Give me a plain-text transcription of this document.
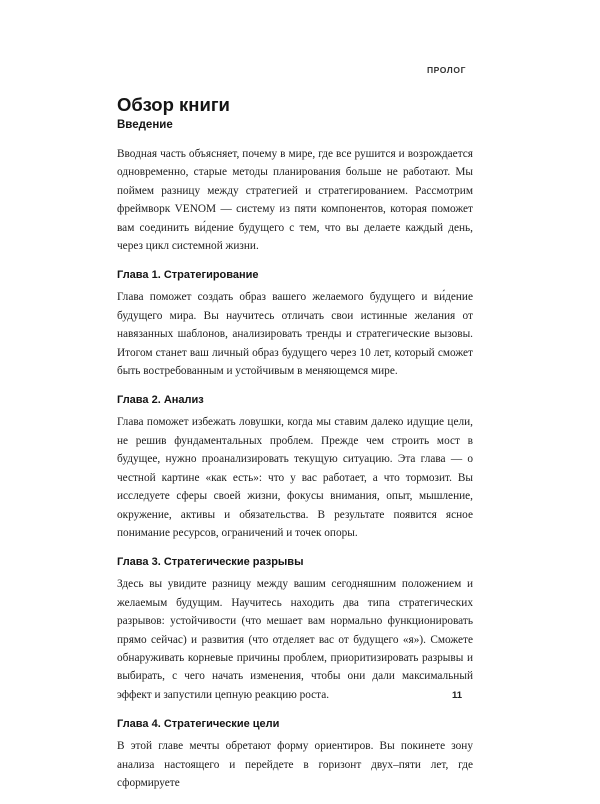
ПРОЛОГ
Обзор книги
Введение

Вводная часть объясняет, почему в мире, где все рушится и возрождается одновременно, старые методы планирования больше не работают. Мы поймем разницу между стратегией и стратегированием. Рассмотрим фреймворк VENOM — систему из пяти компонентов, которая поможет вам соединить ви́дение будущего с тем, что вы делаете каждый день, через цикл системной жизни.

Глава 1. Стратегирование

Глава поможет создать образ вашего желаемого будущего и ви́дение будущего мира. Вы научитесь отличать свои истинные желания от навязанных шаблонов, анализировать тренды и стратегические вызовы. Итогом станет ваш личный образ будущего через 10 лет, который сможет быть востребованным и устойчивым в меняющемся мире.

Глава 2. Анализ

Глава поможет избежать ловушки, когда мы ставим далеко идущие цели, не решив фундаментальных проблем. Прежде чем строить мост в будущее, нужно проанализировать текущую ситуацию. Эта глава — о честной картине «как есть»: что у вас работает, а что тормозит. Вы исследуете сферы своей жизни, фокусы внимания, опыт, мышление, окружение, активы и обязательства. В результате появится ясное понимание ресурсов, ограничений и точек опоры.

Глава 3. Стратегические разрывы

Здесь вы увидите разницу между вашим сегодняшним положением и желаемым будущим. Научитесь находить два типа стратегических разрывов: устойчивости (что мешает вам нормально функционировать прямо сейчас) и развития (что отделяет вас от будущего «я»). Сможете обнаруживать корневые причины проблем, приоритизировать разрывы и выбирать, с чего начать изменения, чтобы они дали максимальный эффект и запустили цепную реакцию роста.

Глава 4. Стратегические цели

В этой главе мечты обретают форму ориентиров. Вы покинете зону анализа настоящего и перейдете в горизонт двух–пяти лет, где сформируете

11
